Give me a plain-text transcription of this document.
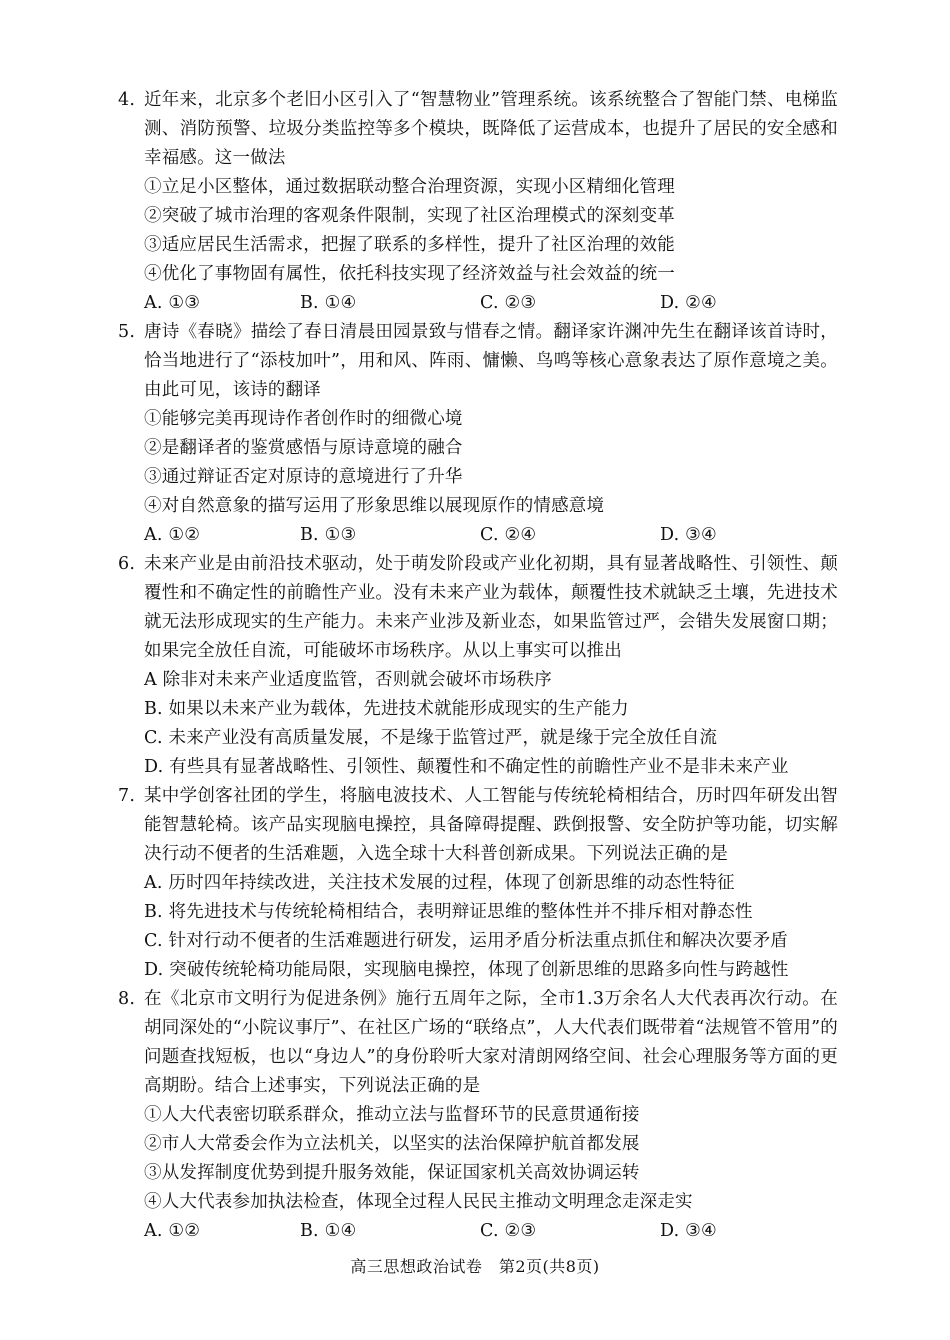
4. 近年来，北京多个老旧小区引入了“智慧物业”管理系统。该系统整合了智能门禁、电梯监测、消防预警、垃圾分类监控等多个模块，既降低了运营成本，也提升了居民的安全感和幸福感。这一做法
①立足小区整体，通过数据联动整合治理资源，实现小区精细化管理
②突破了城市治理的客观条件限制，实现了社区治理模式的深刻变革
③适应居民生活需求，把握了联系的多样性，提升了社区治理的效能
④优化了事物固有属性，依托科技实现了经济效益与社会效益的统一
A. ①③	B. ①④	C. ②③	D. ②④
5. 唐诗《春晓》描绘了春日清晨田园景致与惜春之情。翻译家许渊冲先生在翻译该首诗时，恰当地进行了“添枝加叶”，用和风、阵雨、慵懒、鸟鸣等核心意象表达了原作意境之美。由此可见，该诗的翻译
①能够完美再现诗作者创作时的细微心境
②是翻译者的鉴赏感悟与原诗意境的融合
③通过辩证否定对原诗的意境进行了升华
④对自然意象的描写运用了形象思维以展现原作的情感意境
A. ①②	B. ①③	C. ②④	D. ③④
6. 未来产业是由前沿技术驱动，处于萌发阶段或产业化初期，具有显著战略性、引领性、颠覆性和不确定性的前瞻性产业。没有未来产业为载体，颠覆性技术就缺乏土壤，先进技术就无法形成现实的生产能力。未来产业涉及新业态，如果监管过严，会错失发展窗口期；如果完全放任自流，可能破坏市场秩序。从以上事实可以推出
A 除非对未来产业适度监管，否则就会破坏市场秩序
B. 如果以未来产业为载体，先进技术就能形成现实的生产能力
C. 未来产业没有高质量发展，不是缘于监管过严，就是缘于完全放任自流
D. 有些具有显著战略性、引领性、颠覆性和不确定性的前瞻性产业不是非未来产业
7. 某中学创客社团的学生，将脑电波技术、人工智能与传统轮椅相结合，历时四年研发出智能智慧轮椅。该产品实现脑电操控，具备障碍提醒、跌倒报警、安全防护等功能，切实解决行动不便者的生活难题，入选全球十大科普创新成果。下列说法正确的是
A. 历时四年持续改进，关注技术发展的过程，体现了创新思维的动态性特征
B. 将先进技术与传统轮椅相结合，表明辩证思维的整体性并不排斥相对静态性
C. 针对行动不便者的生活难题进行研发，运用矛盾分析法重点抓住和解决次要矛盾
D. 突破传统轮椅功能局限，实现脑电操控，体现了创新思维的思路多向性与跨越性
8. 在《北京市文明行为促进条例》施行五周年之际，全市1.3万余名人大代表再次行动。在胡同深处的“小院议事厅”、在社区广场的“联络点”，人大代表们既带着“法规管不管用”的问题查找短板，也以“身边人”的身份聆听大家对清朗网络空间、社会心理服务等方面的更高期盼。结合上述事实，下列说法正确的是
①人大代表密切联系群众，推动立法与监督环节的民意贯通衔接
②市人大常委会作为立法机关，以坚实的法治保障护航首都发展
③从发挥制度优势到提升服务效能，保证国家机关高效协调运转
④人大代表参加执法检查，体现全过程人民民主推动文明理念走深走实
A. ①②	B. ①④	C. ②③	D. ③④
高三思想政治试卷　第2页(共8页)
